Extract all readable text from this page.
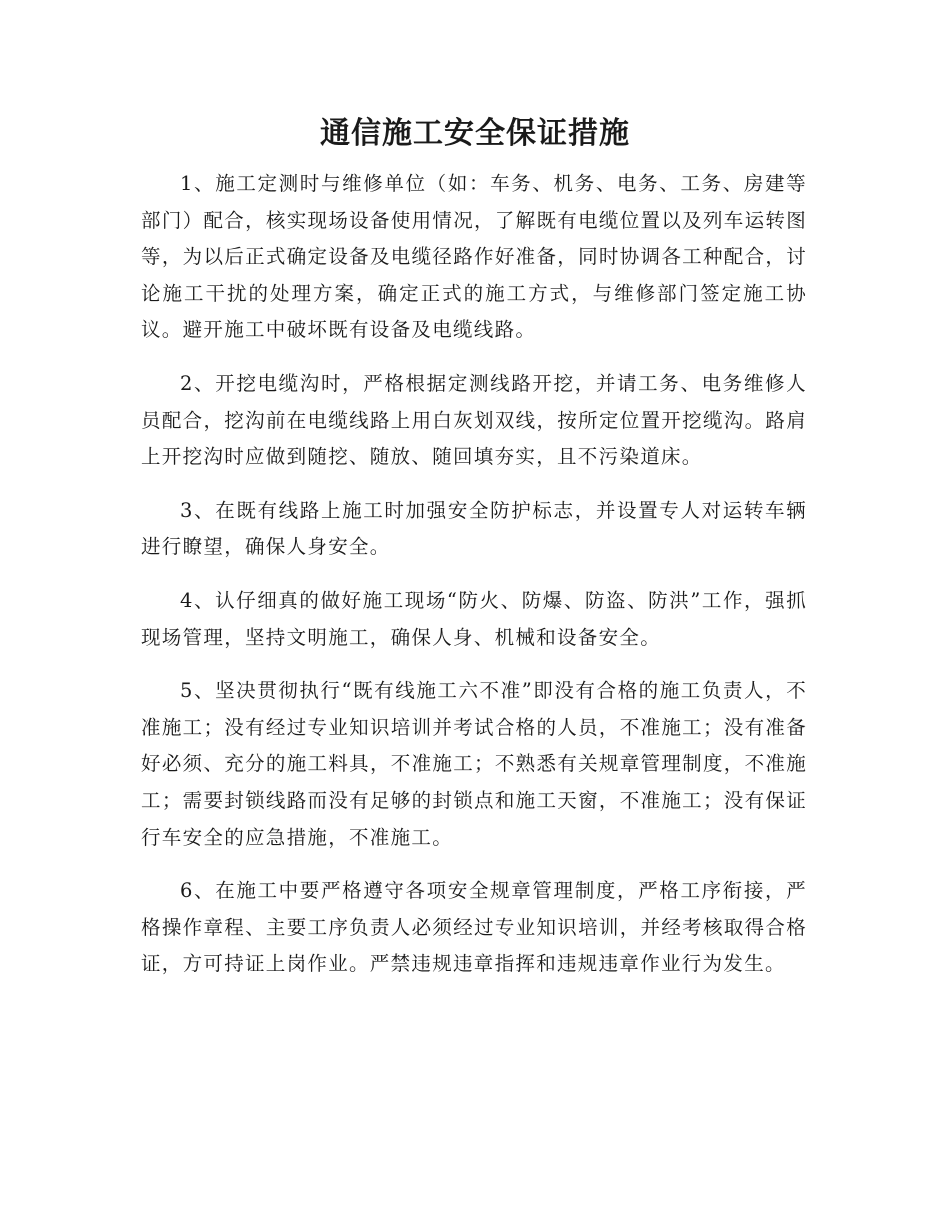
通信施工安全保证措施

1、施工定测时与维修单位（如：车务、机务、电务、工务、房建等部门）配合，核实现场设备使用情况，了解既有电缆位置以及列车运转图等，为以后正式确定设备及电缆径路作好准备，同时协调各工种配合，讨论施工干扰的处理方案，确定正式的施工方式，与维修部门签定施工协议。避开施工中破坏既有设备及电缆线路。

2、开挖电缆沟时，严格根据定测线路开挖，并请工务、电务维修人员配合，挖沟前在电缆线路上用白灰划双线，按所定位置开挖缆沟。路肩上开挖沟时应做到随挖、随放、随回填夯实，且不污染道床。

3、在既有线路上施工时加强安全防护标志，并设置专人对运转车辆进行瞭望，确保人身安全。

4、认仔细真的做好施工现场“防火、防爆、防盗、防洪”工作，强抓现场管理，坚持文明施工，确保人身、机械和设备安全。

5、坚决贯彻执行“既有线施工六不准”即没有合格的施工负责人，不准施工；没有经过专业知识培训并考试合格的人员，不准施工；没有准备好必须、充分的施工料具，不准施工；不熟悉有关规章管理制度，不准施工；需要封锁线路而没有足够的封锁点和施工天窗，不准施工；没有保证行车安全的应急措施，不准施工。

6、在施工中要严格遵守各项安全规章管理制度，严格工序衔接，严格操作章程、主要工序负责人必须经过专业知识培训，并经考核取得合格证，方可持证上岗作业。严禁违规违章指挥和违规违章作业行为发生。
